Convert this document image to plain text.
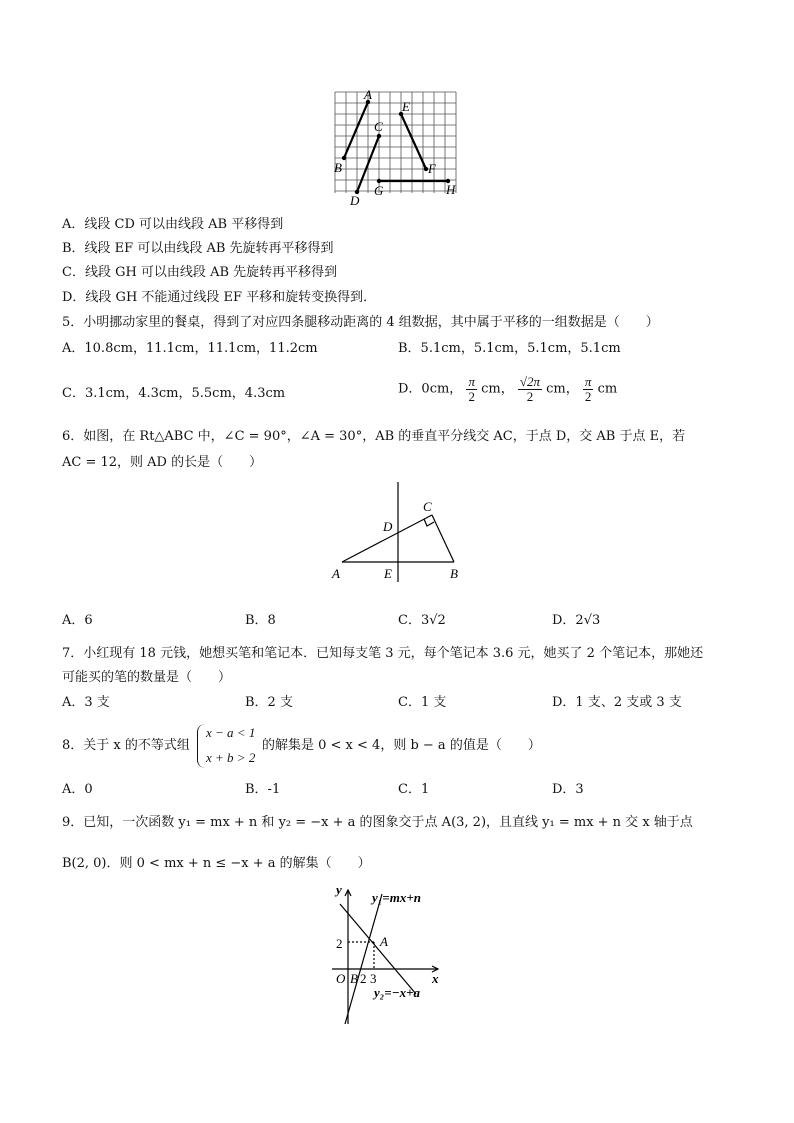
A
B
C
D
E
F
G	H
A．线段 CD 可以由线段 AB 平移得到
B．线段 EF 可以由线段 AB 先旋转再平移得到
C．线段 GH 可以由线段 AB 先旋转再平移得到
D．线段 GH 不能通过线段 EF 平移和旋转变换得到．
5．小明挪动家里的餐桌，得到了对应四条腿移动距离的 4 组数据，其中属于平移的一组数据是（　　）
A．10.8cm，11.1cm，11.1cm，11.2cm	B．5.1cm，5.1cm，5.1cm，5.1cm
C．3.1cm，4.3cm，5.5cm，4.3cm	D．0cm， $\frac{\pi}{2}$ cm， $\frac{√2\pi}{2}$ cm， $\frac{\pi}{2}$ cm
6．如图，在 Rt△ABC 中，∠C = 90°，∠A = 30°，AB 的垂直平分线交 AC，于点 D，交 AB 于点 E，若
AC = 12，则 AD 的长是（　　）
A	B
C
D
E
A．6	B．8	C．3√2	D．2√3
7．小红现有 18 元钱，她想买笔和笔记本．已知每支笔 3 元，每个笔记本 3.6 元，她买了 2 个笔记本，那她还
可能买的笔的数量是（　　）
A．3 支	B．2 支	C．1 支	D．1 支、2 支或 3 支
8．关于 x 的不等式组
x − a < 1
x + b > 2
的解集是 0 < x < 4，则 b − a 的值是（　　）
A．0	B．-1	C．1	D．3
9．已知，一次函数 y₁ = mx + n 和 y₂ = −x + a 的图象交于点 A(3, 2)，且直线 y₁ = mx + n 交 x 轴于点
B(2, 0)．则 0 < mx + n ≤ −x + a 的解集（　　）
y
x
O B 2 3
2	A
y₁=mx+n
y₂=−x+a
